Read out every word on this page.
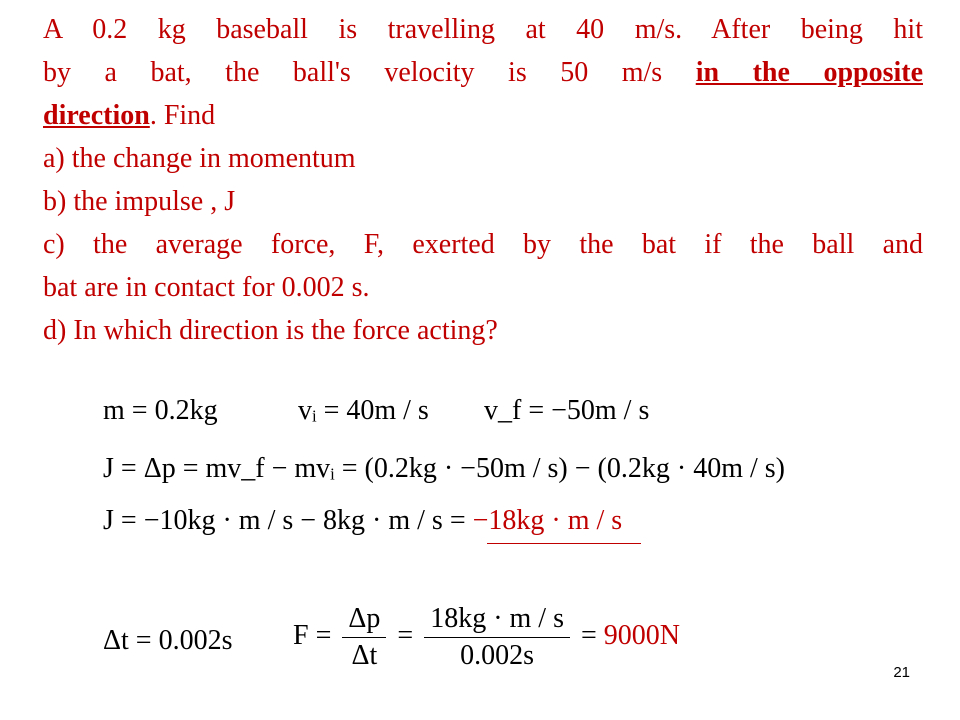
A 0.2 kg baseball is travelling at 40 m/s. After being hit
by a bat, the ball's velocity is 50 m/s in the opposite
direction. Find
a) the change in momentum
b) the impulse , J
c) the average force, F, exerted by the bat if the ball and
bat are in contact for 0.002 s.
d) In which direction is the force acting?
m = 0.2kg	vᵢ = 40m / s v_f = −50m / s
J = Δp = mv_f − mvᵢ = (0.2kg · −50m / s) − (0.2kg · 40m / s)
J = −10kg · m / s − 8kg · m / s = −18kg · m / s
Δt = 0.002s $F = \frac{\Delta p}{\Delta t} = \frac{18kg \cdot m / s}{0.002s} = 9000N$
21
